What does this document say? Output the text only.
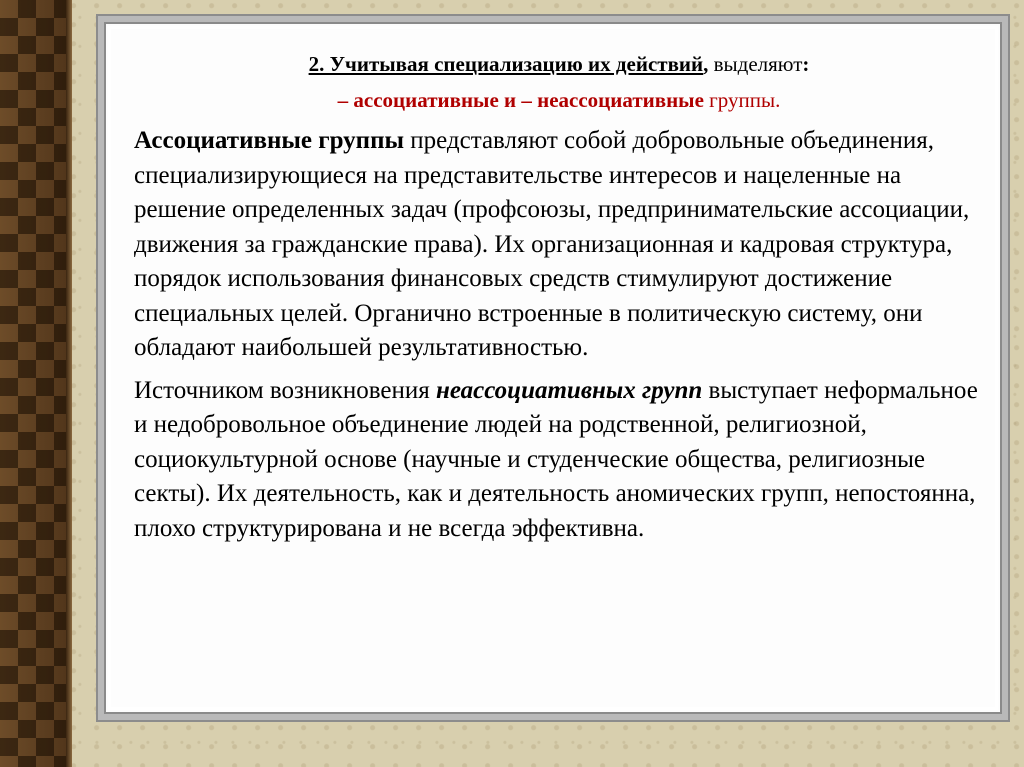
2. Учитывая специализацию их действий, выделяют:

– ассоциативные и – неассоциативные группы.

Ассоциативные группы представляют собой добровольные объединения, специализирующиеся на представительстве интересов и нацеленные на решение определенных задач (профсоюзы, предпринимательские ассоциации, движения за гражданские права). Их организационная и кадровая структура, порядок использования финансовых средств стимулируют достижение специальных целей. Органично встроенные в политическую систему, они обладают наибольшей результативностью.

Источником возникновения неассоциативных групп выступает неформальное и недобровольное объединение людей на родственной, религиозной, социокультурной основе (научные и студенческие общества, религиозные секты). Их деятельность, как и деятельность аномических групп, непостоянна, плохо структурирована и не всегда эффективна.
